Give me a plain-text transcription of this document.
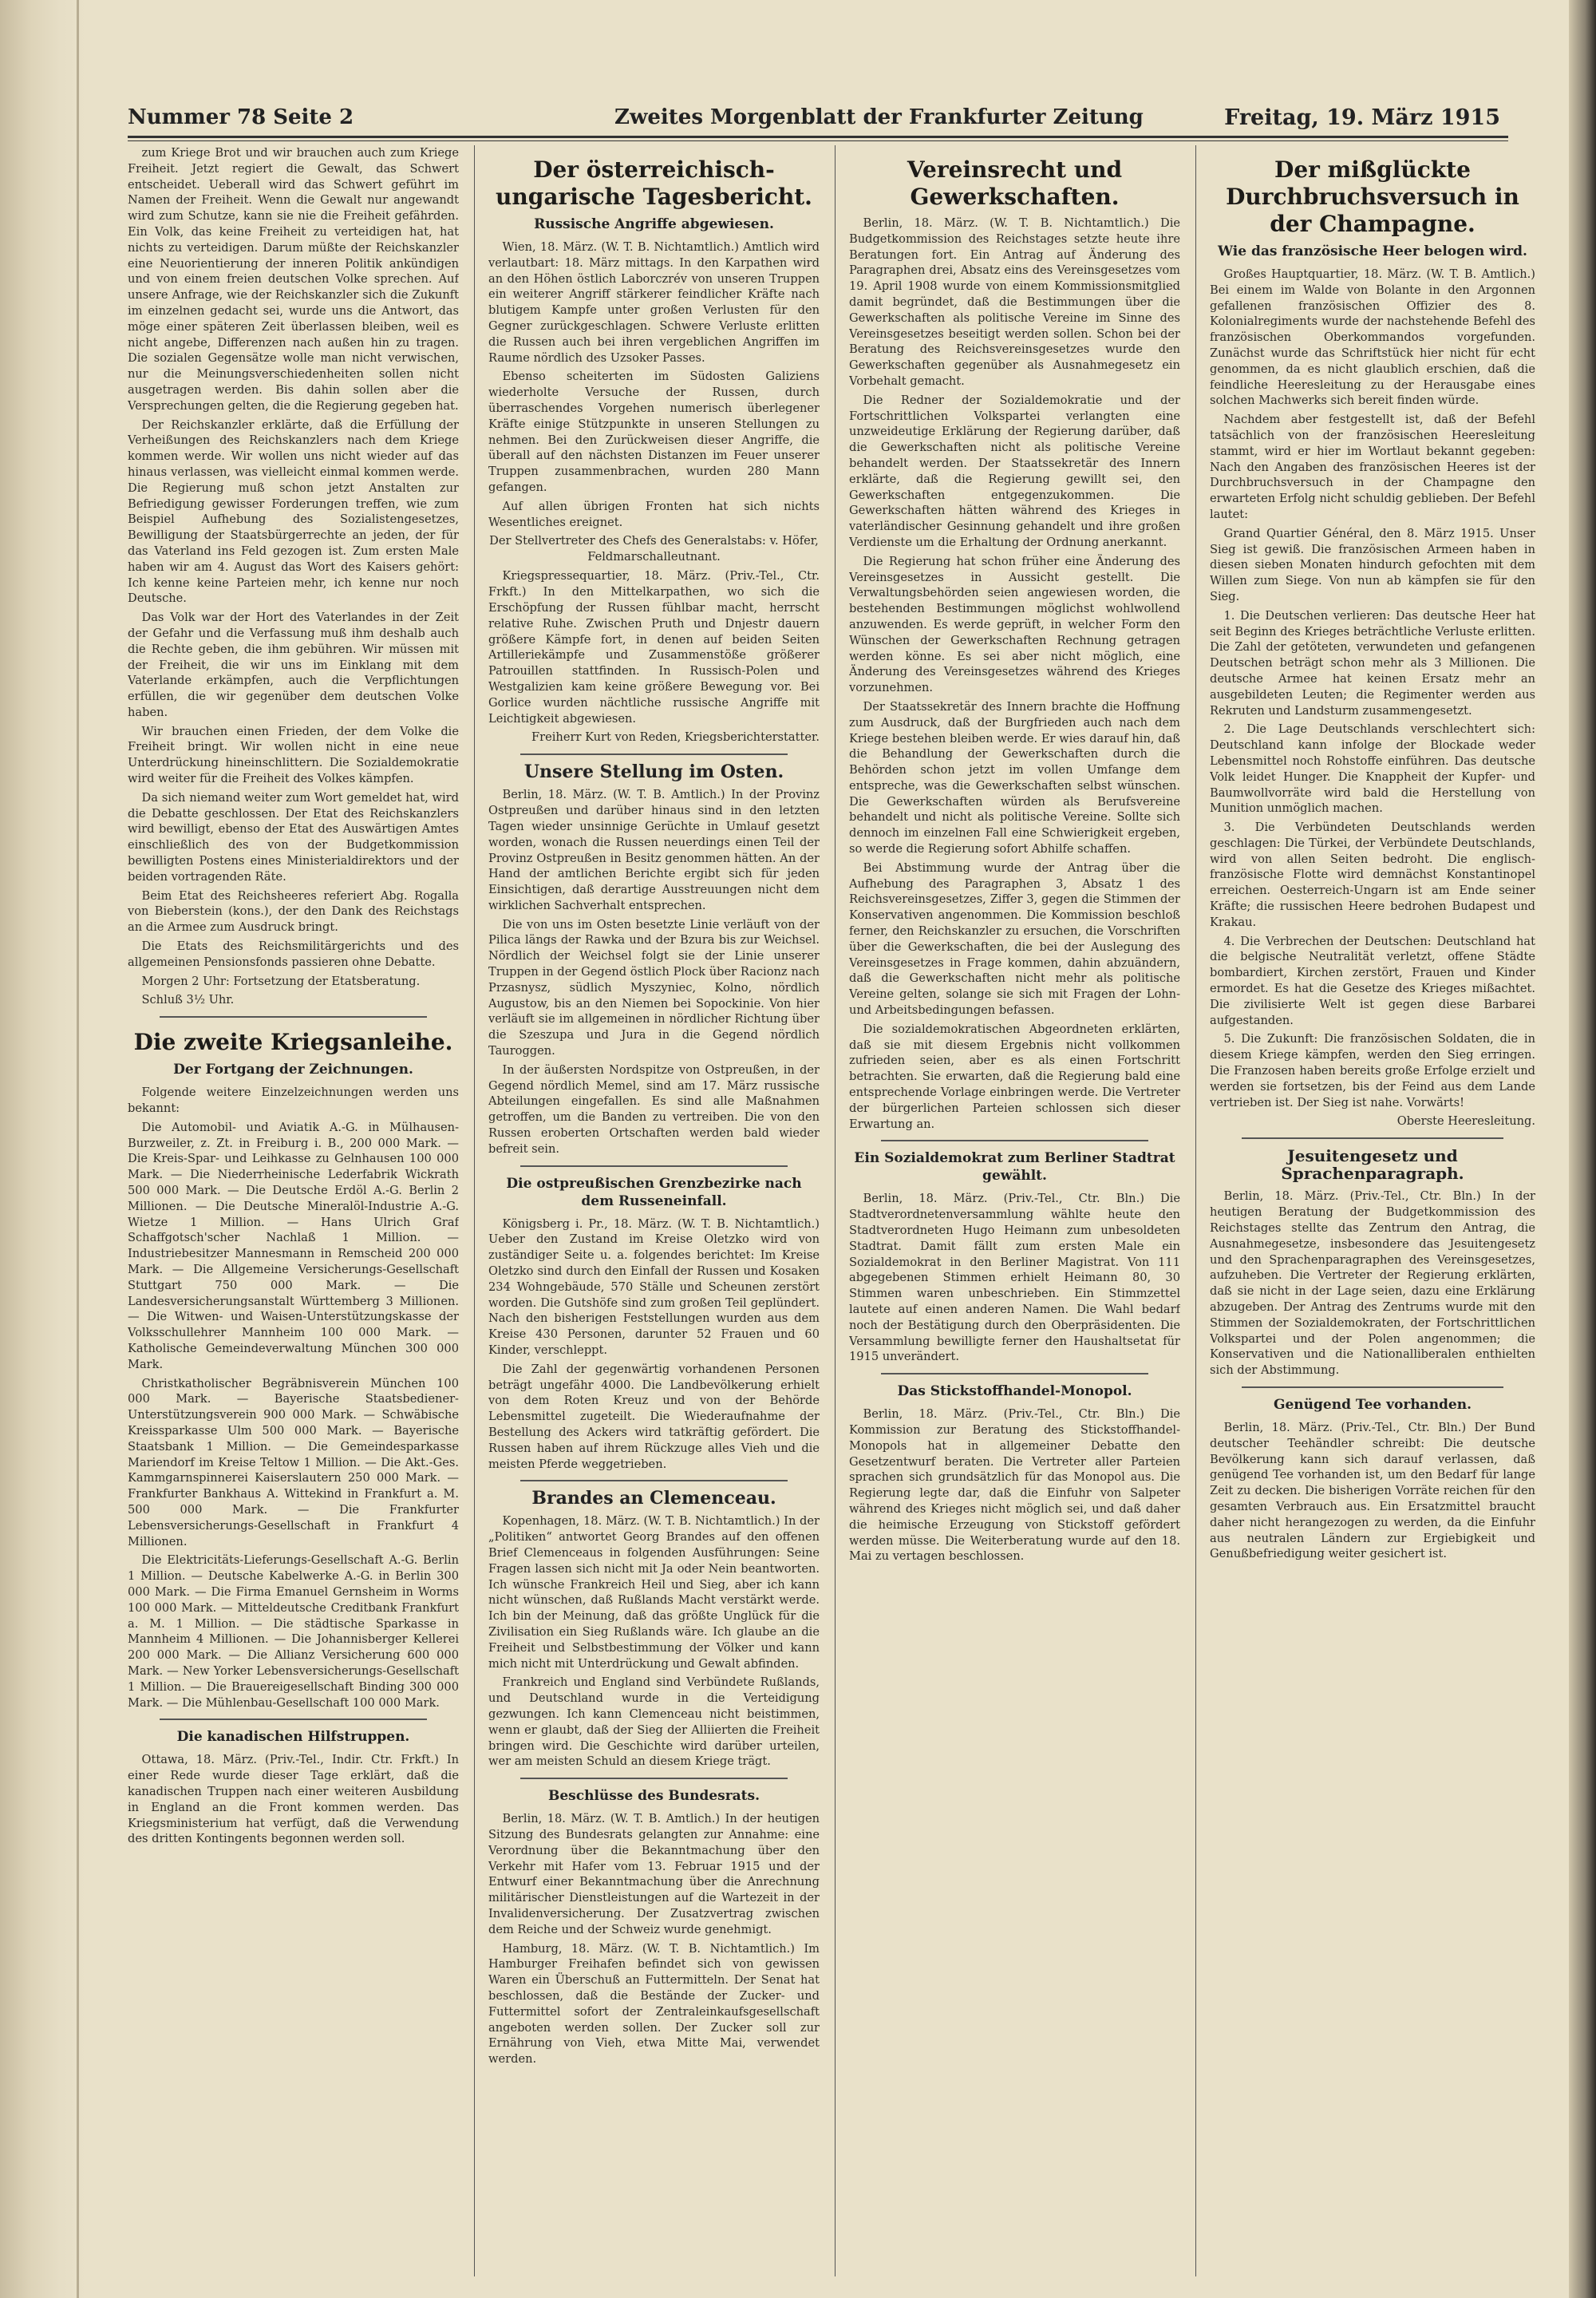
Nummer 78 Seite 2	Zweites Morgenblatt der Frankfurter Zeitung	Freitag, 19. März 1915

zum Kriege Brot und wir brauchen auch zum Kriege Freiheit. Jetzt regiert die Gewalt, das Schwert entscheidet. Ueberall wird das Schwert geführt im Namen der Freiheit. Wenn die Gewalt nur angewandt wird zum Schutze, kann sie nie die Freiheit gefährden. Ein Volk, das keine Freiheit zu verteidigen hat, hat nichts zu verteidigen. Darum müßte der Reichskanzler eine Neuorientierung der inneren Politik ankündigen und von einem freien deutschen Volke sprechen. Auf unsere Anfrage, wie der Reichskanzler sich die Zukunft im einzelnen gedacht sei, wurde uns die Antwort, das möge einer späteren Zeit überlassen bleiben, weil es nicht angebe, Differenzen nach außen hin zu tragen. Die sozialen Gegensätze wolle man nicht verwischen, nur die Meinungsverschiedenheiten sollen nicht ausgetragen werden. Bis dahin sollen aber die Versprechungen gelten, die die Regierung gegeben hat.

Der Reichskanzler erklärte, daß die Erfüllung der Verheißungen des Reichskanzlers nach dem Kriege kommen werde. Wir wollen uns nicht wieder auf das hinaus verlassen, was vielleicht einmal kommen werde. Die Regierung muß schon jetzt Anstalten zur Befriedigung gewisser Forderungen treffen, wie zum Beispiel Aufhebung des Sozialistengesetzes, Bewilligung der Staatsbürgerrechte an jeden, der für das Vaterland ins Feld gezogen ist. Zum ersten Male haben wir am 4. August das Wort des Kaisers gehört: Ich kenne keine Parteien mehr, ich kenne nur noch Deutsche.

Das Volk war der Hort des Vaterlandes in der Zeit der Gefahr und die Verfassung muß ihm deshalb auch die Rechte geben, die ihm gebühren. Wir müssen mit der Freiheit, die wir uns im Einklang mit dem Vaterlande erkämpfen, auch die Verpflichtungen erfüllen, die wir gegenüber dem deutschen Volke haben.

Wir brauchen einen Frieden, der dem Volke die Freiheit bringt. Wir wollen nicht in eine neue Unterdrückung hineinschlittern. Die Sozialdemokratie wird weiter für die Freiheit des Volkes kämpfen.

Da sich niemand weiter zum Wort gemeldet hat, wird die Debatte geschlossen. Der Etat des Reichskanzlers wird bewilligt, ebenso der Etat des Auswärtigen Amtes einschließlich des von der Budgetkommission bewilligten Postens eines Ministerialdirektors und der beiden vortragenden Räte.

Beim Etat des Reichsheeres referiert Abg. Rogalla von Bieberstein (kons.), der den Dank des Reichstags an die Armee zum Ausdruck bringt.

Die Etats des Reichsmilitärgerichts und des allgemeinen Pensionsfonds passieren ohne Debatte.

Morgen 2 Uhr: Fortsetzung der Etatsberatung.

Schluß 3½ Uhr.

Die zweite Kriegsanleihe.
Der Fortgang der Zeichnungen.

Folgende weitere Einzelzeichnungen werden uns bekannt:

Die Automobil- und Aviatik A.-G. in Mülhausen-Burzweiler, z. Zt. in Freiburg i. B., 200 000 Mark. — Die Kreis-Spar- und Leihkasse zu Gelnhausen 100 000 Mark. — Die Niederrheinische Lederfabrik Wickrath 500 000 Mark. — Die Deutsche Erdöl A.-G. Berlin 2 Millionen. — Die Deutsche Mineralöl-Industrie A.-G. Wietze 1 Million. — Hans Ulrich Graf Schaffgotsch'scher Nachlaß 1 Million. — Industriebesitzer Mannesmann in Remscheid 200 000 Mark. — Die Allgemeine Versicherungs-Gesellschaft Stuttgart 750 000 Mark. — Die Landesversicherungsanstalt Württemberg 3 Millionen. — Die Witwen- und Waisen-Unterstützungskasse der Volksschullehrer Mannheim 100 000 Mark. — Katholische Gemeindeverwaltung München 300 000 Mark.

Christkatholischer Begräbnisverein München 100 000 Mark. — Bayerische Staatsbediener-Unterstützungsverein 900 000 Mark. — Schwäbische Kreissparkasse Ulm 500 000 Mark. — Bayerische Staatsbank 1 Million. — Die Gemeindesparkasse Mariendorf im Kreise Teltow 1 Million. — Die Akt.-Ges. Kammgarnspinnerei Kaiserslautern 250 000 Mark. — Frankfurter Bankhaus A. Wittekind in Frankfurt a. M. 500 000 Mark. — Die Frankfurter Lebensversicherungs-Gesellschaft in Frankfurt 4 Millionen.

Die Elektricitäts-Lieferungs-Gesellschaft A.-G. Berlin 1 Million. — Deutsche Kabelwerke A.-G. in Berlin 300 000 Mark. — Die Firma Emanuel Gernsheim in Worms 100 000 Mark. — Mitteldeutsche Creditbank Frankfurt a. M. 1 Million. — Die städtische Sparkasse in Mannheim 4 Millionen. — Die Johannisberger Kellerei 200 000 Mark. — Die Allianz Versicherung 600 000 Mark. — New Yorker Lebensversicherungs-Gesellschaft 1 Million. — Die Brauereigesellschaft Binding 300 000 Mark. — Die Mühlenbau-Gesellschaft 100 000 Mark.

Die kanadischen Hilfstruppen.

Ottawa, 18. März. (Priv.-Tel., Indir. Ctr. Frkft.) In einer Rede wurde dieser Tage erklärt, daß die kanadischen Truppen nach einer weiteren Ausbildung in England an die Front kommen werden. Das Kriegsministerium hat verfügt, daß die Verwendung des dritten Kontingents begonnen werden soll.

Der österreichisch-ungarische Tagesbericht.
Russische Angriffe abgewiesen.

Wien, 18. März. (W. T. B. Nichtamtlich.) Amtlich wird verlautbart: 18. März mittags. In den Karpathen wird an den Höhen östlich Laborczrév von unseren Truppen ein weiterer Angriff stärkerer feindlicher Kräfte nach blutigem Kampfe unter großen Verlusten für den Gegner zurückgeschlagen. Schwere Verluste erlitten die Russen auch bei ihren vergeblichen Angriffen im Raume nördlich des Uzsoker Passes.

Ebenso scheiterten im Südosten Galiziens wiederholte Versuche der Russen, durch überraschendes Vorgehen numerisch überlegener Kräfte einige Stützpunkte in unseren Stellungen zu nehmen. Bei den Zurückweisen dieser Angriffe, die überall auf den nächsten Distanzen im Feuer unserer Truppen zusammenbrachen, wurden 280 Mann gefangen.

Auf allen übrigen Fronten hat sich nichts Wesentliches ereignet.

Der Stellvertreter des Chefs des Generalstabs: v. Höfer, Feldmarschalleutnant.

Kriegspressequartier, 18. März. (Priv.-Tel., Ctr. Frkft.) In den Mittelkarpathen, wo sich die Erschöpfung der Russen fühlbar macht, herrscht relative Ruhe. Zwischen Pruth und Dnjestr dauern größere Kämpfe fort, in denen auf beiden Seiten Artilleriekämpfe und Zusammenstöße größerer Patrouillen stattfinden. In Russisch-Polen und Westgalizien kam keine größere Bewegung vor. Bei Gorlice wurden nächtliche russische Angriffe mit Leichtigkeit abgewiesen.

Freiherr Kurt von Reden, Kriegsberichterstatter.
Unsere Stellung im Osten.

Berlin, 18. März. (W. T. B. Amtlich.) In der Provinz Ostpreußen und darüber hinaus sind in den letzten Tagen wieder unsinnige Gerüchte in Umlauf gesetzt worden, wonach die Russen neuerdings einen Teil der Provinz Ostpreußen in Besitz genommen hätten. An der Hand der amtlichen Berichte ergibt sich für jeden Einsichtigen, daß derartige Ausstreuungen nicht dem wirklichen Sachverhalt entsprechen.

Die von uns im Osten besetzte Linie verläuft von der Pilica längs der Rawka und der Bzura bis zur Weichsel. Nördlich der Weichsel folgt sie der Linie unserer Truppen in der Gegend östlich Plock über Racionz nach Przasnysz, südlich Myszyniec, Kolno, nördlich Augustow, bis an den Niemen bei Sopockinie. Von hier verläuft sie im allgemeinen in nördlicher Richtung über die Szeszupa und Jura in die Gegend nördlich Tauroggen.

In der äußersten Nordspitze von Ostpreußen, in der Gegend nördlich Memel, sind am 17. März russische Abteilungen eingefallen. Es sind alle Maßnahmen getroffen, um die Banden zu vertreiben. Die von den Russen eroberten Ortschaften werden bald wieder befreit sein.

Die ostpreußischen Grenzbezirke nach dem Russeneinfall.

Königsberg i. Pr., 18. März. (W. T. B. Nichtamtlich.) Ueber den Zustand im Kreise Oletzko wird von zuständiger Seite u. a. folgendes berichtet: Im Kreise Oletzko sind durch den Einfall der Russen und Kosaken 234 Wohngebäude, 570 Ställe und Scheunen zerstört worden. Die Gutshöfe sind zum großen Teil geplündert. Nach den bisherigen Feststellungen wurden aus dem Kreise 430 Personen, darunter 52 Frauen und 60 Kinder, verschleppt.

Die Zahl der gegenwärtig vorhandenen Personen beträgt ungefähr 4000. Die Landbevölkerung erhielt von dem Roten Kreuz und von der Behörde Lebensmittel zugeteilt. Die Wiederaufnahme der Bestellung des Ackers wird tatkräftig gefördert. Die Russen haben auf ihrem Rückzuge alles Vieh und die meisten Pferde weggetrieben.

Brandes an Clemenceau.

Kopenhagen, 18. März. (W. T. B. Nichtamtlich.) In der „Politiken“ antwortet Georg Brandes auf den offenen Brief Clemenceaus in folgenden Ausführungen: Seine Fragen lassen sich nicht mit Ja oder Nein beantworten. Ich wünsche Frankreich Heil und Sieg, aber ich kann nicht wünschen, daß Rußlands Macht verstärkt werde. Ich bin der Meinung, daß das größte Unglück für die Zivilisation ein Sieg Rußlands wäre. Ich glaube an die Freiheit und Selbstbestimmung der Völker und kann mich nicht mit Unterdrückung und Gewalt abfinden.

Frankreich und England sind Verbündete Rußlands, und Deutschland wurde in die Verteidigung gezwungen. Ich kann Clemenceau nicht beistimmen, wenn er glaubt, daß der Sieg der Alliierten die Freiheit bringen wird. Die Geschichte wird darüber urteilen, wer am meisten Schuld an diesem Kriege trägt.

Beschlüsse des Bundesrats.

Berlin, 18. März. (W. T. B. Amtlich.) In der heutigen Sitzung des Bundesrats gelangten zur Annahme: eine Verordnung über die Bekanntmachung über den Verkehr mit Hafer vom 13. Februar 1915 und der Entwurf einer Bekanntmachung über die Anrechnung militärischer Dienstleistungen auf die Wartezeit in der Invalidenversicherung. Der Zusatzvertrag zwischen dem Reiche und der Schweiz wurde genehmigt.

Hamburg, 18. März. (W. T. B. Nichtamtlich.) Im Hamburger Freihafen befindet sich von gewissen Waren ein Überschuß an Futtermitteln. Der Senat hat beschlossen, daß die Bestände der Zucker- und Futtermittel sofort der Zentraleinkaufsgesellschaft angeboten werden sollen. Der Zucker soll zur Ernährung von Vieh, etwa Mitte Mai, verwendet werden.

Vereinsrecht und Gewerkschaften.

Berlin, 18. März. (W. T. B. Nichtamtlich.) Die Budgetkommission des Reichstages setzte heute ihre Beratungen fort. Ein Antrag auf Änderung des Paragraphen drei, Absatz eins des Vereinsgesetzes vom 19. April 1908 wurde von einem Kommissionsmitglied damit begründet, daß die Bestimmungen über die Gewerkschaften als politische Vereine im Sinne des Vereinsgesetzes beseitigt werden sollen. Schon bei der Beratung des Reichsvereinsgesetzes wurde den Gewerkschaften gegenüber als Ausnahmegesetz ein Vorbehalt gemacht.

Die Redner der Sozialdemokratie und der Fortschrittlichen Volkspartei verlangten eine unzweideutige Erklärung der Regierung darüber, daß die Gewerkschaften nicht als politische Vereine behandelt werden. Der Staatssekretär des Innern erklärte, daß die Regierung gewillt sei, den Gewerkschaften entgegenzukommen. Die Gewerkschaften hätten während des Krieges in vaterländischer Gesinnung gehandelt und ihre großen Verdienste um die Erhaltung der Ordnung anerkannt.

Die Regierung hat schon früher eine Änderung des Vereinsgesetzes in Aussicht gestellt. Die Verwaltungsbehörden seien angewiesen worden, die bestehenden Bestimmungen möglichst wohlwollend anzuwenden. Es werde geprüft, in welcher Form den Wünschen der Gewerkschaften Rechnung getragen werden könne. Es sei aber nicht möglich, eine Änderung des Vereinsgesetzes während des Krieges vorzunehmen.

Der Staatssekretär des Innern brachte die Hoffnung zum Ausdruck, daß der Burgfrieden auch nach dem Kriege bestehen bleiben werde. Er wies darauf hin, daß die Behandlung der Gewerkschaften durch die Behörden schon jetzt im vollen Umfange dem entspreche, was die Gewerkschaften selbst wünschen. Die Gewerkschaften würden als Berufsvereine behandelt und nicht als politische Vereine. Sollte sich dennoch im einzelnen Fall eine Schwierigkeit ergeben, so werde die Regierung sofort Abhilfe schaffen.

Bei Abstimmung wurde der Antrag über die Aufhebung des Paragraphen 3, Absatz 1 des Reichsvereinsgesetzes, Ziffer 3, gegen die Stimmen der Konservativen angenommen. Die Kommission beschloß ferner, den Reichskanzler zu ersuchen, die Vorschriften über die Gewerkschaften, die bei der Auslegung des Vereinsgesetzes in Frage kommen, dahin abzuändern, daß die Gewerkschaften nicht mehr als politische Vereine gelten, solange sie sich mit Fragen der Lohn- und Arbeitsbedingungen befassen.

Die sozialdemokratischen Abgeordneten erklärten, daß sie mit diesem Ergebnis nicht vollkommen zufrieden seien, aber es als einen Fortschritt betrachten. Sie erwarten, daß die Regierung bald eine entsprechende Vorlage einbringen werde. Die Vertreter der bürgerlichen Parteien schlossen sich dieser Erwartung an.

Ein Sozialdemokrat zum Berliner Stadtrat gewählt.

Berlin, 18. März. (Priv.-Tel., Ctr. Bln.) Die Stadtverordnetenversammlung wählte heute den Stadtverordneten Hugo Heimann zum unbesoldeten Stadtrat. Damit fällt zum ersten Male ein Sozialdemokrat in den Berliner Magistrat. Von 111 abgegebenen Stimmen erhielt Heimann 80, 30 Stimmen waren unbeschrieben. Ein Stimmzettel lautete auf einen anderen Namen. Die Wahl bedarf noch der Bestätigung durch den Oberpräsidenten. Die Versammlung bewilligte ferner den Haushaltsetat für 1915 unverändert.

Das Stickstoffhandel-Monopol.

Berlin, 18. März. (Priv.-Tel., Ctr. Bln.) Die Kommission zur Beratung des Stickstoffhandel-Monopols hat in allgemeiner Debatte den Gesetzentwurf beraten. Die Vertreter aller Parteien sprachen sich grundsätzlich für das Monopol aus. Die Regierung legte dar, daß die Einfuhr von Salpeter während des Krieges nicht möglich sei, und daß daher die heimische Erzeugung von Stickstoff gefördert werden müsse. Die Weiterberatung wurde auf den 18. Mai zu vertagen beschlossen.

Der mißglückte Durchbruchsversuch in der Champagne.
Wie das französische Heer belogen wird.

Großes Hauptquartier, 18. März. (W. T. B. Amtlich.) Bei einem im Walde von Bolante in den Argonnen gefallenen französischen Offizier des 8. Kolonialregiments wurde der nachstehende Befehl des französischen Oberkommandos vorgefunden. Zunächst wurde das Schriftstück hier nicht für echt genommen, da es nicht glaublich erschien, daß die feindliche Heeresleitung zu der Herausgabe eines solchen Machwerks sich bereit finden würde.

Nachdem aber festgestellt ist, daß der Befehl tatsächlich von der französischen Heeresleitung stammt, wird er hier im Wortlaut bekannt gegeben: Nach den Angaben des französischen Heeres ist der Durchbruchsversuch in der Champagne den erwarteten Erfolg nicht schuldig geblieben. Der Befehl lautet:

Grand Quartier Général, den 8. März 1915. Unser Sieg ist gewiß. Die französischen Armeen haben in diesen sieben Monaten hindurch gefochten mit dem Willen zum Siege. Von nun ab kämpfen sie für den Sieg.

1. Die Deutschen verlieren: Das deutsche Heer hat seit Beginn des Krieges beträchtliche Verluste erlitten. Die Zahl der getöteten, verwundeten und gefangenen Deutschen beträgt schon mehr als 3 Millionen. Die deutsche Armee hat keinen Ersatz mehr an ausgebildeten Leuten; die Regimenter werden aus Rekruten und Landsturm zusammengesetzt.

2. Die Lage Deutschlands verschlechtert sich: Deutschland kann infolge der Blockade weder Lebensmittel noch Rohstoffe einführen. Das deutsche Volk leidet Hunger. Die Knappheit der Kupfer- und Baumwollvorräte wird bald die Herstellung von Munition unmöglich machen.

3. Die Verbündeten Deutschlands werden geschlagen: Die Türkei, der Verbündete Deutschlands, wird von allen Seiten bedroht. Die englisch-französische Flotte wird demnächst Konstantinopel erreichen. Oesterreich-Ungarn ist am Ende seiner Kräfte; die russischen Heere bedrohen Budapest und Krakau.

4. Die Verbrechen der Deutschen: Deutschland hat die belgische Neutralität verletzt, offene Städte bombardiert, Kirchen zerstört, Frauen und Kinder ermordet. Es hat die Gesetze des Krieges mißachtet. Die zivilisierte Welt ist gegen diese Barbarei aufgestanden.

5. Die Zukunft: Die französischen Soldaten, die in diesem Kriege kämpfen, werden den Sieg erringen. Die Franzosen haben bereits große Erfolge erzielt und werden sie fortsetzen, bis der Feind aus dem Lande vertrieben ist. Der Sieg ist nahe. Vorwärts!

Oberste Heeresleitung.
Jesuitengesetz und Sprachenparagraph.

Berlin, 18. März. (Priv.-Tel., Ctr. Bln.) In der heutigen Beratung der Budgetkommission des Reichstages stellte das Zentrum den Antrag, die Ausnahmegesetze, insbesondere das Jesuitengesetz und den Sprachenparagraphen des Vereinsgesetzes, aufzuheben. Die Vertreter der Regierung erklärten, daß sie nicht in der Lage seien, dazu eine Erklärung abzugeben. Der Antrag des Zentrums wurde mit den Stimmen der Sozialdemokraten, der Fortschrittlichen Volkspartei und der Polen angenommen; die Konservativen und die Nationalliberalen enthielten sich der Abstimmung.

Genügend Tee vorhanden.

Berlin, 18. März. (Priv.-Tel., Ctr. Bln.) Der Bund deutscher Teehändler schreibt: Die deutsche Bevölkerung kann sich darauf verlassen, daß genügend Tee vorhanden ist, um den Bedarf für lange Zeit zu decken. Die bisherigen Vorräte reichen für den gesamten Verbrauch aus. Ein Ersatzmittel braucht daher nicht herangezogen zu werden, da die Einfuhr aus neutralen Ländern zur Ergiebigkeit und Genußbefriedigung weiter gesichert ist.
